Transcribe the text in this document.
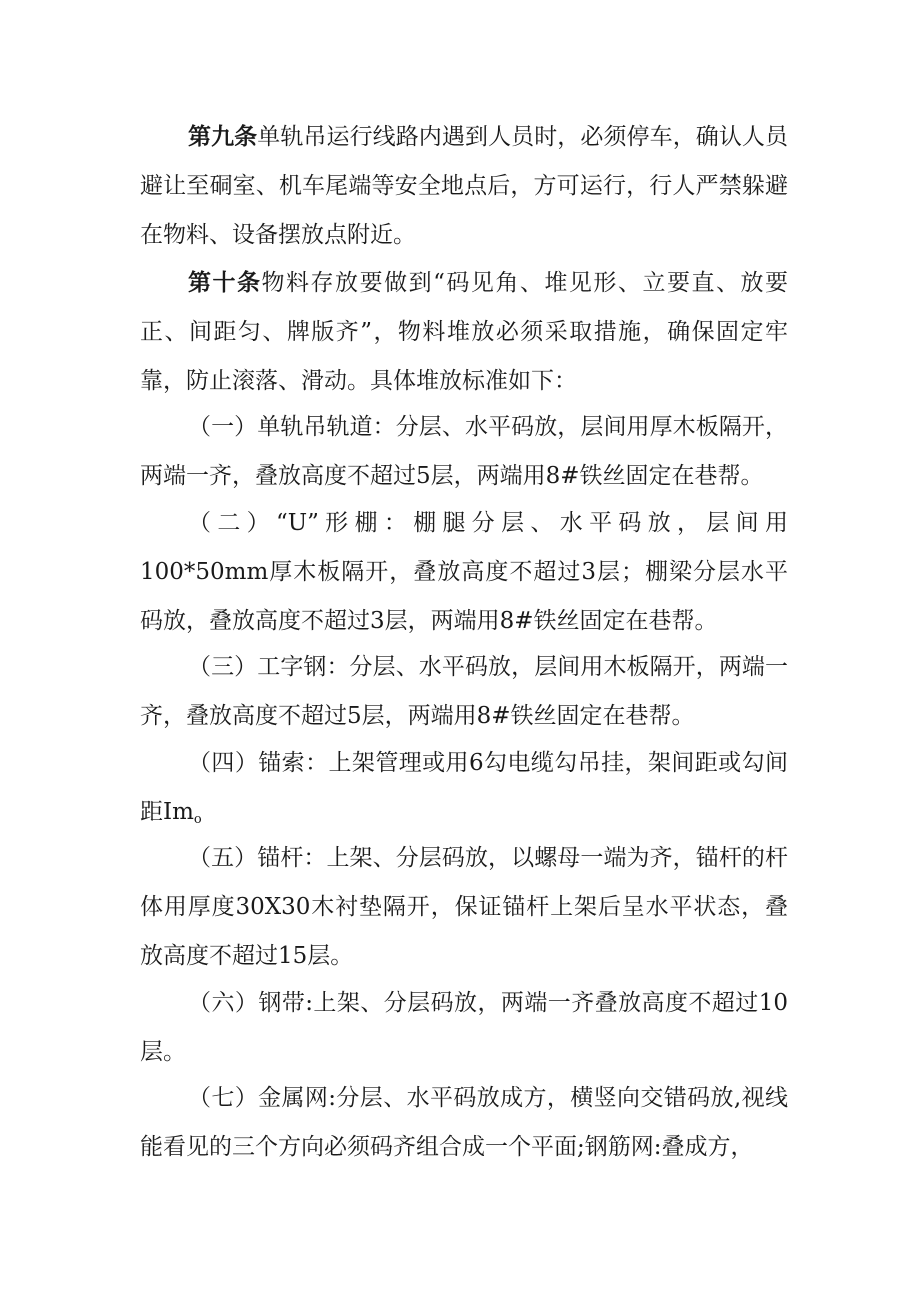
第九条单轨吊运行线路内遇到人员时，必须停车，确认人员避让至硐室、机车尾端等安全地点后，方可运行，行人严禁躲避在物料、设备摆放点附近。

第十条物料存放要做到“码见角、堆见形、立要直、放要正、间距匀、牌版齐”，物料堆放必须采取措施，确保固定牢靠，防止滚落、滑动。具体堆放标准如下：

（一）单轨吊轨道：分层、水平码放，层间用厚木板隔开，两端一齐，叠放高度不超过5层，两端用8#铁丝固定在巷帮。

（二）“U”形棚：棚腿分层、水平码放，层间用100*50mm厚木板隔开，叠放高度不超过3层；棚梁分层水平码放，叠放高度不超过3层，两端用8#铁丝固定在巷帮。

（三）工字钢：分层、水平码放，层间用木板隔开，两端一齐，叠放高度不超过5层，两端用8#铁丝固定在巷帮。

（四）锚索：上架管理或用6勾电缆勾吊挂，架间距或勾间距$Im_o$

（五）锚杆：上架、分层码放，以螺母一端为齐，锚杆的杆体用厚度30X30木衬垫隔开，保证锚杆上架后呈水平状态，叠放高度不超过15层。

（六）钢带:上架、分层码放，两端一齐叠放高度不超过10层。

（七）金属网:分层、水平码放成方，横竖向交错码放,视线能看见的三个方向必须码齐组合成一个平面;钢筋网:叠成方，
